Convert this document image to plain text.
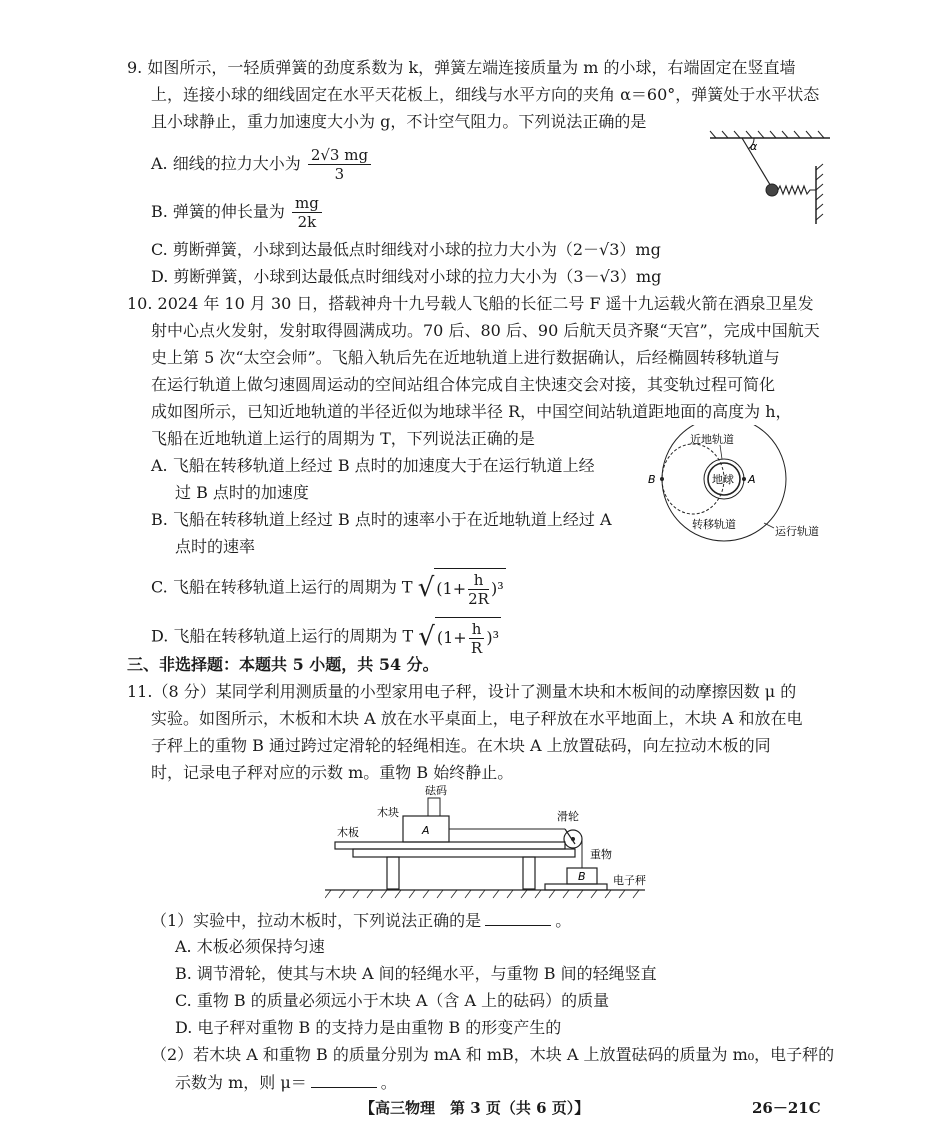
9. 如图所示，一轻质弹簧的劲度系数为 k，弹簧左端连接质量为 m 的小球，右端固定在竖直墙
上，连接小球的细线固定在水平天花板上，细线与水平方向的夹角 α＝60°，弹簧处于水平状态
且小球静止，重力加速度大小为 g，不计空气阻力。下列说法正确的是
A. 细线的拉力大小为 $\frac{2√3 mg}{3}$
B. 弹簧的伸长量为 $\frac{mg}{2k}$
C. 剪断弹簧，小球到达最低点时细线对小球的拉力大小为（2－√3）mg
D. 剪断弹簧，小球到达最低点时细线对小球的拉力大小为（3－√3）mg
α
10. 2024 年 10 月 30 日，搭载神舟十九号载人飞船的长征二号 F 遥十九运载火箭在酒泉卫星发
射中心点火发射，发射取得圆满成功。70 后、80 后、90 后航天员齐聚“天宫”，完成中国航天
史上第 5 次“太空会师”。飞船入轨后先在近地轨道上进行数据确认，后经椭圆转移轨道与
在运行轨道上做匀速圆周运动的空间站组合体完成自主快速交会对接，其变轨过程可简化
成如图所示，已知近地轨道的半径近似为地球半径 R，中国空间站轨道距地面的高度为 h，
飞船在近地轨道上运行的周期为 T，下列说法正确的是
A. 飞船在转移轨道上经过 B 点时的加速度大于在运行轨道上经
过 B 点时的加速度
B. 飞船在转移轨道上经过 B 点时的速率小于在近地轨道上经过 A
点时的速率
C. 飞船在转移轨道上运行的周期为 T √ $(1+ \frac{h}{2R} )^3$
D. 飞船在转移轨道上运行的周期为 T √ $(1+ \frac{h}{R} )^3$
地球 A
B
近地轨道
转移轨道
运行轨道
三、非选择题：本题共 5 小题，共 54 分。
11.（8 分）某同学利用测质量的小型家用电子秤，设计了测量木块和木板间的动摩擦因数 μ 的
实验。如图所示，木板和木块 A 放在水平桌面上，电子秤放在水平地面上，木块 A 和放在电
子秤上的重物 B 通过跨过定滑轮的轻绳相连。在木块 A 上放置砝码，向左拉动木板的同
时，记录电子秤对应的示数 m。重物 B 始终静止。
砝码
木块
A
木板
滑轮
重物
B 电子秤
（1）实验中，拉动木板时，下列说法正确的是	。
A. 木板必须保持匀速
B. 调节滑轮，使其与木块 A 间的轻绳水平，与重物 B 间的轻绳竖直
C. 重物 B 的质量必须远小于木块 A（含 A 上的砝码）的质量
D. 电子秤对重物 B 的支持力是由重物 B 的形变产生的
（2）若木块 A 和重物 B 的质量分别为 mA 和 mB，木块 A 上放置砝码的质量为 m₀，电子秤的
示数为 m，则 μ＝	。
【高三物理　第 3 页（共 6 页）】	26－21C
